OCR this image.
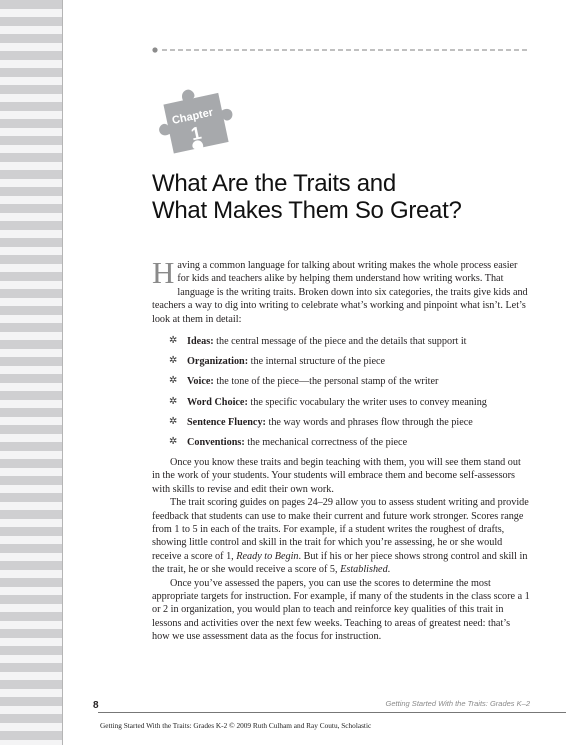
Chapter
1
What Are the Traits and
What Makes Them So Great?

Having a common language for talking about writing makes the whole process easier for kids and teachers alike by helping them understand how writing works. That language is the writing traits. Broken down into six categories, the traits give kids and teachers a way to dig into writing to celebrate what’s working and pinpoint what isn’t. Let’s look at them in detail:

✲ Ideas: the central message of the piece and the details that support it
✲ Organization: the internal structure of the piece
✲ Voice: the tone of the piece—the personal stamp of the writer
✲ Word Choice: the specific vocabulary the writer uses to convey meaning
✲ Sentence Fluency: the way words and phrases flow through the piece
✲ Conventions: the mechanical correctness of the piece

Once you know these traits and begin teaching with them, you will see them stand out in the work of your students. Your students will embrace them and become self-assessors with skills to revise and edit their own work.

The trait scoring guides on pages 24–29 allow you to assess student writing and provide feedback that students can use to make their current and future work stronger. Scores range from 1 to 5 in each of the traits. For example, if a student writes the roughest of drafts, showing little control and skill in the trait for which you’re assessing, he or she would receive a score of 1, Ready to Begin. But if his or her piece shows strong control and skill in the trait, he or she would receive a score of 5, Established.

Once you’ve assessed the papers, you can use the scores to determine the most appropriate targets for instruction. For example, if many of the students in the class score a 1 or 2 in organization, you would plan to teach and reinforce key qualities of this trait in lessons and activities over the next few weeks. Teaching to areas of greatest need: that’s how we use assessment data as the focus for instruction.

8	Getting Started With the Traits: Grades K–2
Getting Started With the Traits: Grades K-2 © 2009 Ruth Culham and Ray Coutu, Scholastic
